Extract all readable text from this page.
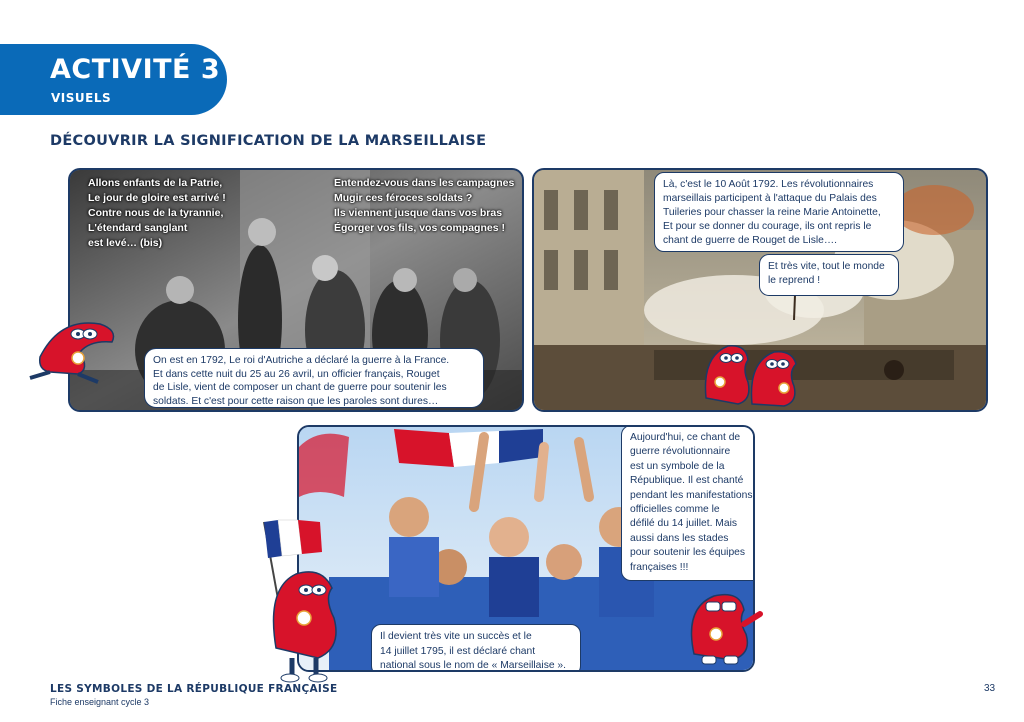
ACTIVITÉ 3
VISUELS
DÉCOUVRIR LA SIGNIFICATION DE LA MARSEILLAISE
Allons enfants de la Patrie,
Le jour de gloire est arrivé !
Contre nous de la tyrannie,
L'étendard sanglant
est levé… (bis)
Entendez-vous dans les campagnes
Mugir ces féroces soldats ?
Ils viennent jusque dans vos bras
Égorger vos fils, vos compagnes !
On est en 1792, Le roi d'Autriche a déclaré la guerre à la France.
Et dans cette nuit du 25 au 26 avril, un officier français, Rouget
de Lisle, vient de composer un chant de guerre pour soutenir les
soldats. Et c'est pour cette raison que les paroles sont dures…
Là, c'est le 10 Août 1792. Les révolutionnaires
marseillais participent à l'attaque du Palais des
Tuileries pour chasser la reine Marie Antoinette,
Et pour se donner du courage, ils ont repris le
chant de guerre de Rouget de Lisle….
Et très vite, tout le monde
le reprend !
Aujourd'hui, ce chant de
guerre révolutionnaire
est un symbole de la
République. Il est chanté
pendant les manifestations
officielles comme le
défilé du 14 juillet. Mais
aussi dans les stades
pour soutenir les équipes
françaises !!!
Il devient très vite un succès et le
14 juillet 1795, il est déclaré chant
national sous le nom de « Marseillaise ».
LES SYMBOLES DE LA RÉPUBLIQUE FRANÇAISE
Fiche enseignant cycle 3
33
